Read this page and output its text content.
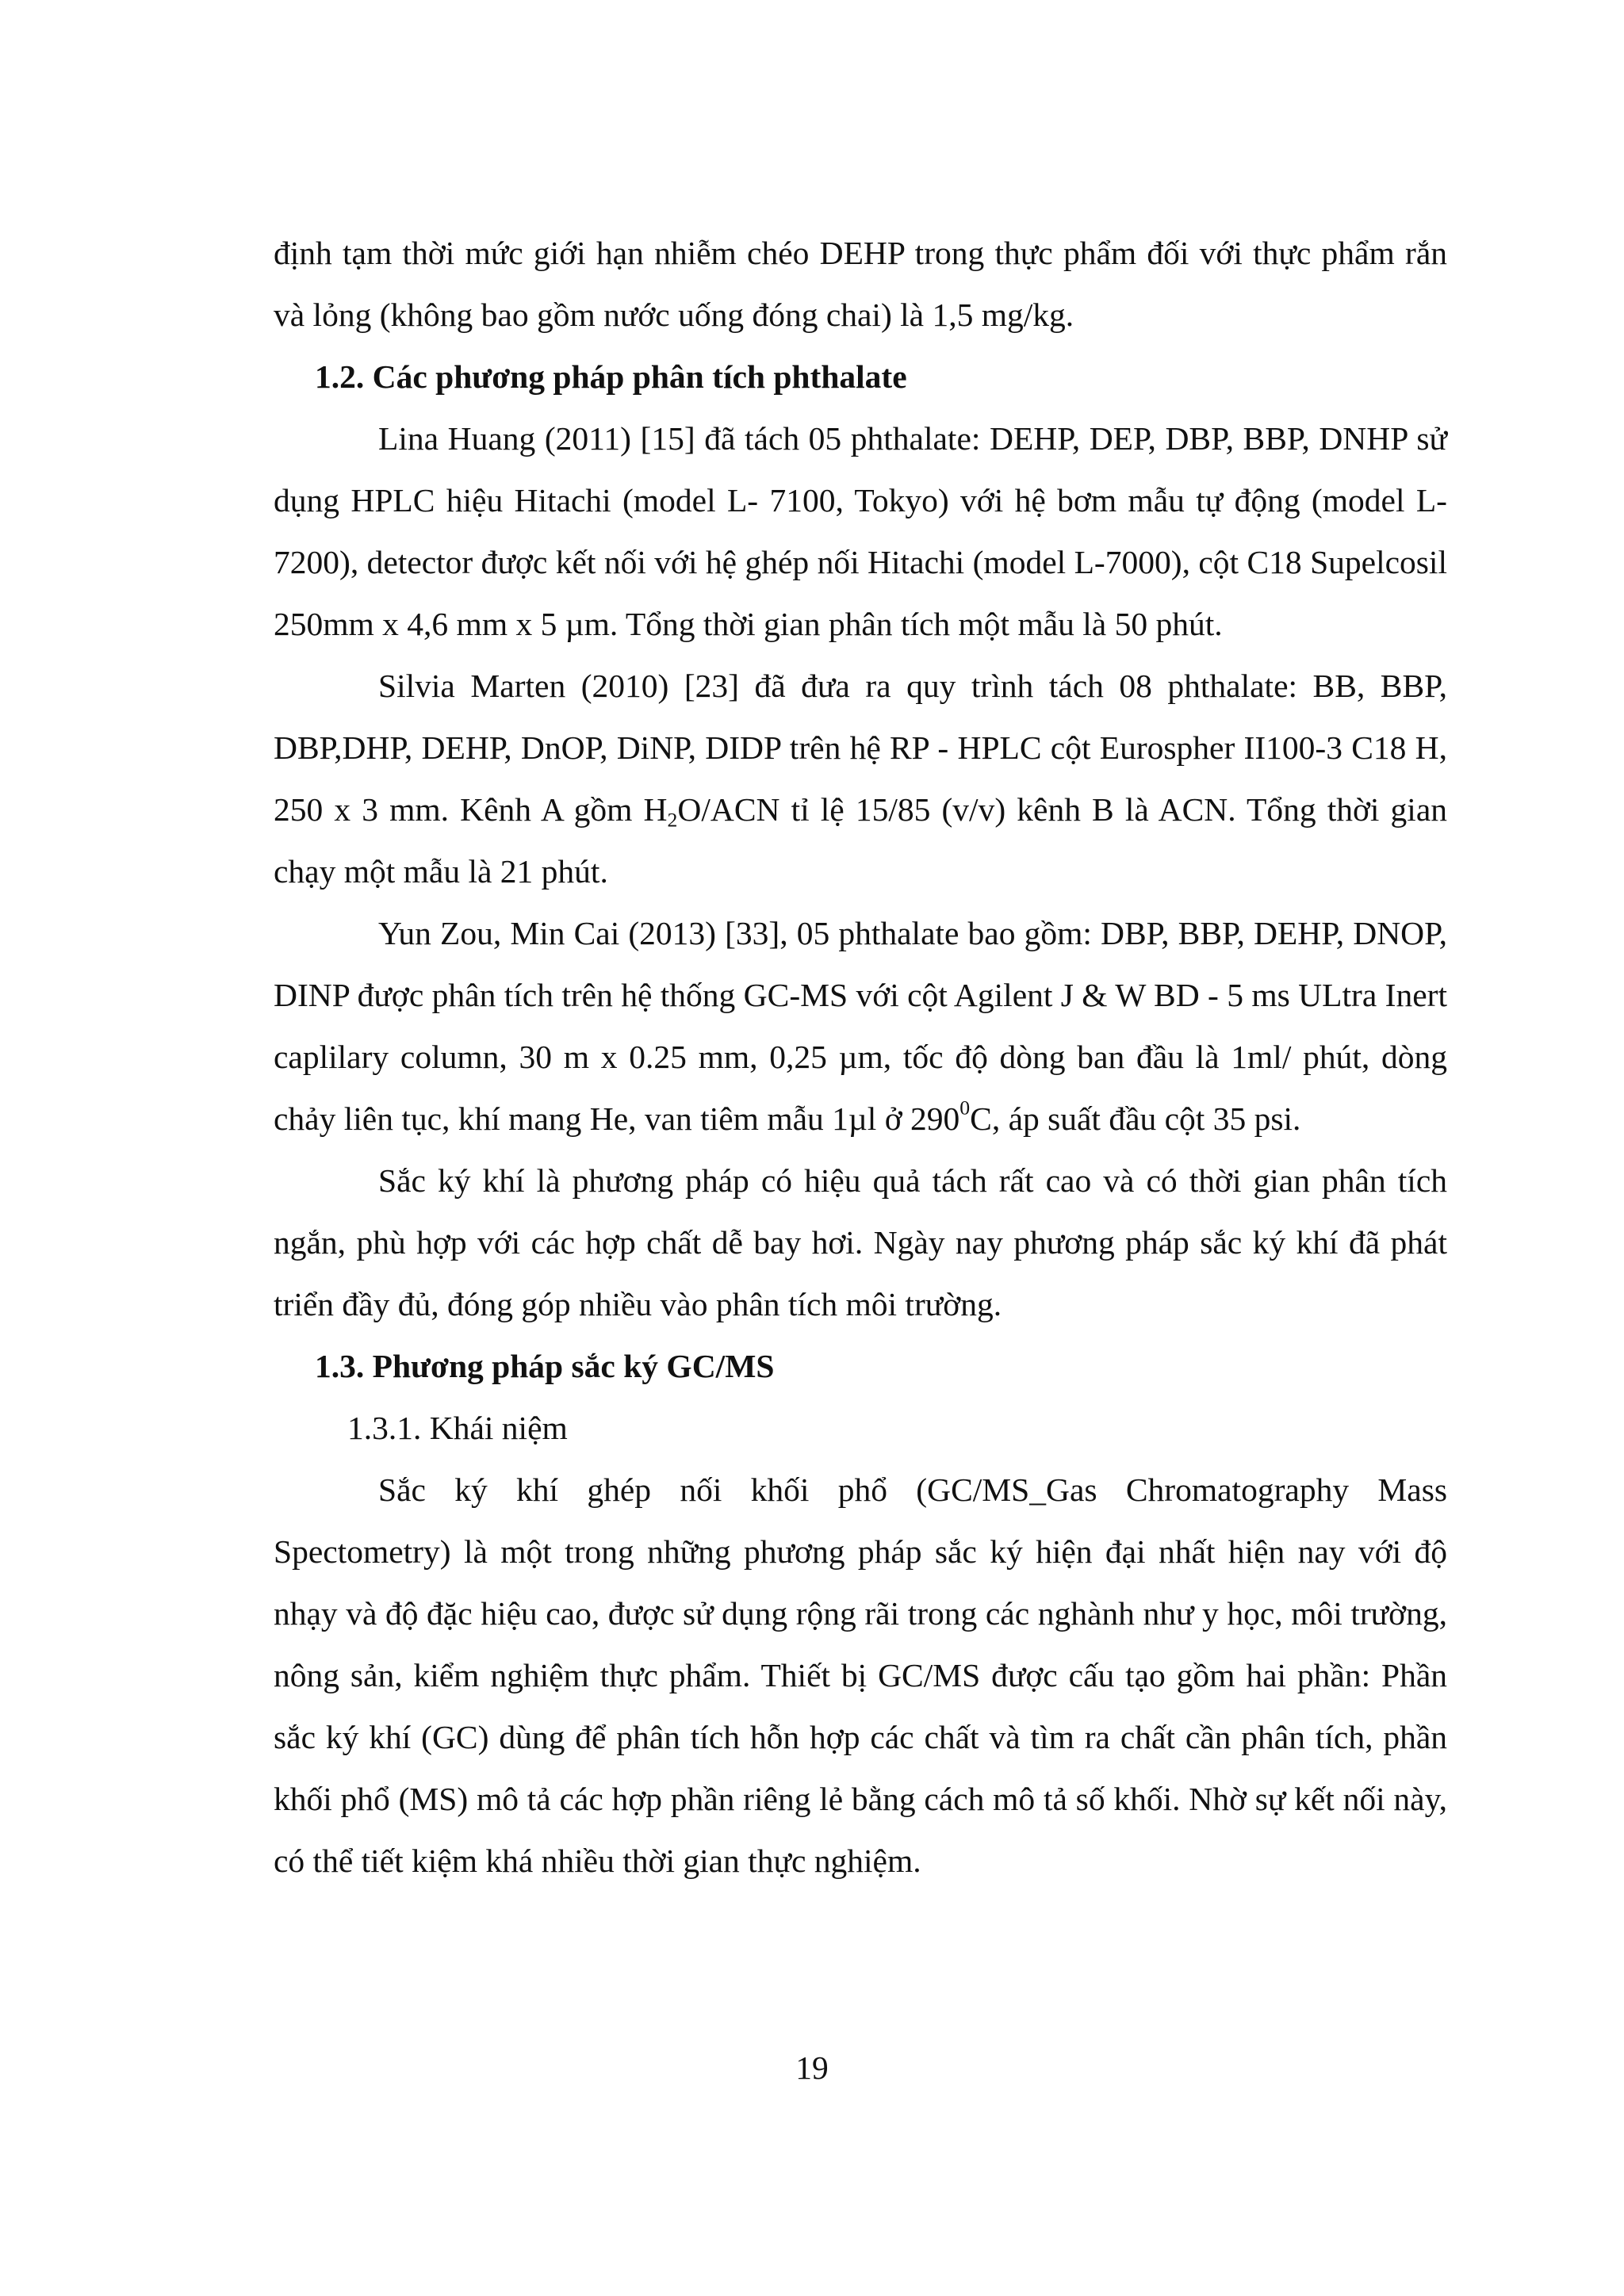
định tạm thời mức giới hạn nhiễm chéo DEHP trong thực phẩm đối với thực phẩm rắn và lỏng (không bao gồm nước uống đóng chai) là 1,5 mg/kg.

1.2. Các phương pháp phân tích phthalate

Lina Huang (2011) [15] đã tách 05 phthalate: DEHP, DEP, DBP, BBP, DNHP sử dụng HPLC hiệu Hitachi (model L- 7100, Tokyo) với hệ bơm mẫu tự động (model L- 7200), detector được kết nối với hệ ghép nối Hitachi (model L-7000), cột C18 Supelcosil 250mm x 4,6 mm x 5 µm. Tổng thời gian phân tích một mẫu là 50 phút.

Silvia Marten (2010) [23] đã đưa ra quy trình tách 08 phthalate: BB, BBP, DBP,DHP, DEHP, DnOP, DiNP, DIDP trên hệ RP - HPLC cột Eurospher II100-3 C18 H, 250 x 3 mm. Kênh A gồm $H_2O$/ACN tỉ lệ 15/85 (v/v) kênh B là ACN. Tổng thời gian chạy một mẫu là 21 phút.

Yun Zou, Min Cai (2013) [33], 05 phthalate bao gồm: DBP, BBP, DEHP, DNOP, DINP được phân tích trên hệ thống GC-MS với cột Agilent J & W BD - 5 ms ULtra Inert caplilary column, 30 m x 0.25 mm, 0,25 µm, tốc độ dòng ban đầu là 1ml/ phút, dòng chảy liên tục, khí mang He, van tiêm mẫu 1µl ở $290^0C$, áp suất đầu cột 35 psi.

Sắc ký khí là phương pháp có hiệu quả tách rất cao và có thời gian phân tích ngắn, phù hợp với các hợp chất dễ bay hơi. Ngày nay phương pháp sắc ký khí đã phát triển đầy đủ, đóng góp nhiều vào phân tích môi trường.

1.3. Phương pháp sắc ký GC/MS

1.3.1. Khái niệm

Sắc ký khí ghép nối khối phổ (GC/MS_Gas Chromatography Mass Spectometry) là một trong những phương pháp sắc ký hiện đại nhất hiện nay với độ nhạy và độ đặc hiệu cao, được sử dụng rộng rãi trong các nghành như y học, môi trường, nông sản, kiểm nghiệm thực phẩm. Thiết bị GC/MS được cấu tạo gồm hai phần: Phần sắc ký khí (GC) dùng để phân tích hỗn hợp các chất và tìm ra chất cần phân tích, phần khối phổ (MS) mô tả các hợp phần riêng lẻ bằng cách mô tả số khối. Nhờ sự kết nối này, có thể tiết kiệm khá nhiều thời gian thực nghiệm.

19
